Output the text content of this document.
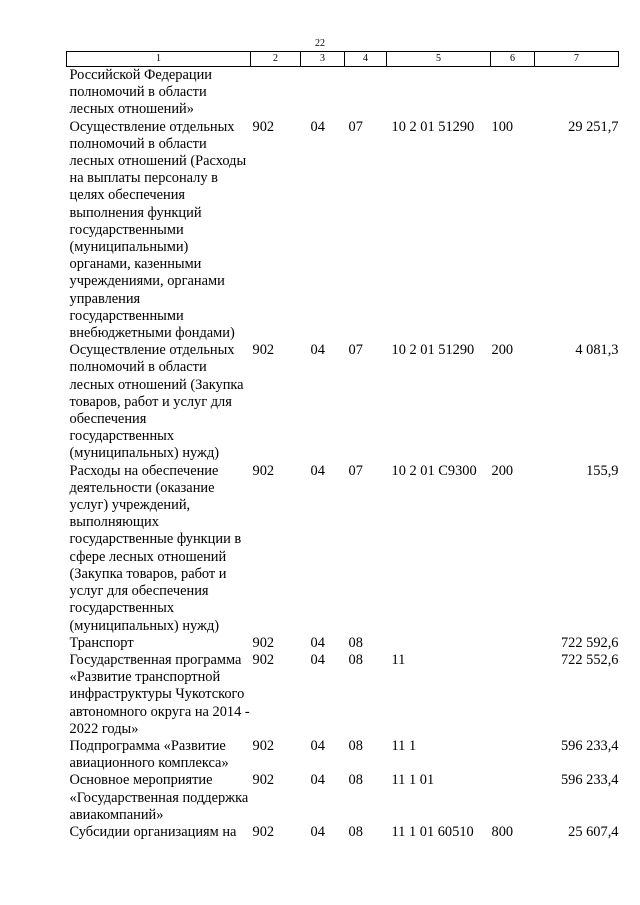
22
1	2	3	4	5	6	7
Российской Федерации полномочий в области лесных отношений»						
Осуществление отдельных полномочий в области лесных отношений (Расходы на выплаты персоналу в целях обеспечения выполнения функций государственными (муниципальными) органами, казенными учреждениями, органами управления государственными внебюджетными фондами)	902	04	07	10 2 01 51290	100	29 251,7
Осуществление отдельных полномочий в области лесных отношений (Закупка товаров, работ и услуг для обеспечения государственных (муниципальных) нужд)	902	04	07	10 2 01 51290	200	4 081,3
Расходы на обеспечение деятельности (оказание услуг) учреждений, выполняющих государственные функции в сфере лесных отношений (Закупка товаров, работ и услуг для обеспечения государственных (муниципальных) нужд)	902	04	07	10 2 01 С9300	200	155,9
Транспорт	902	04	08			722 592,6
Государственная программа «Развитие транспортной инфраструктуры Чукотского автономного округа на 2014 - 2022 годы»	902	04	08	11		722 552,6
Подпрограмма «Развитие авиационного комплекса»	902	04	08	11 1		596 233,4
Основное мероприятие «Государственная поддержка авиакомпаний»	902	04	08	11 1 01		596 233,4
Субсидии организациям на	902	04	08	11 1 01 60510	800	25 607,4
